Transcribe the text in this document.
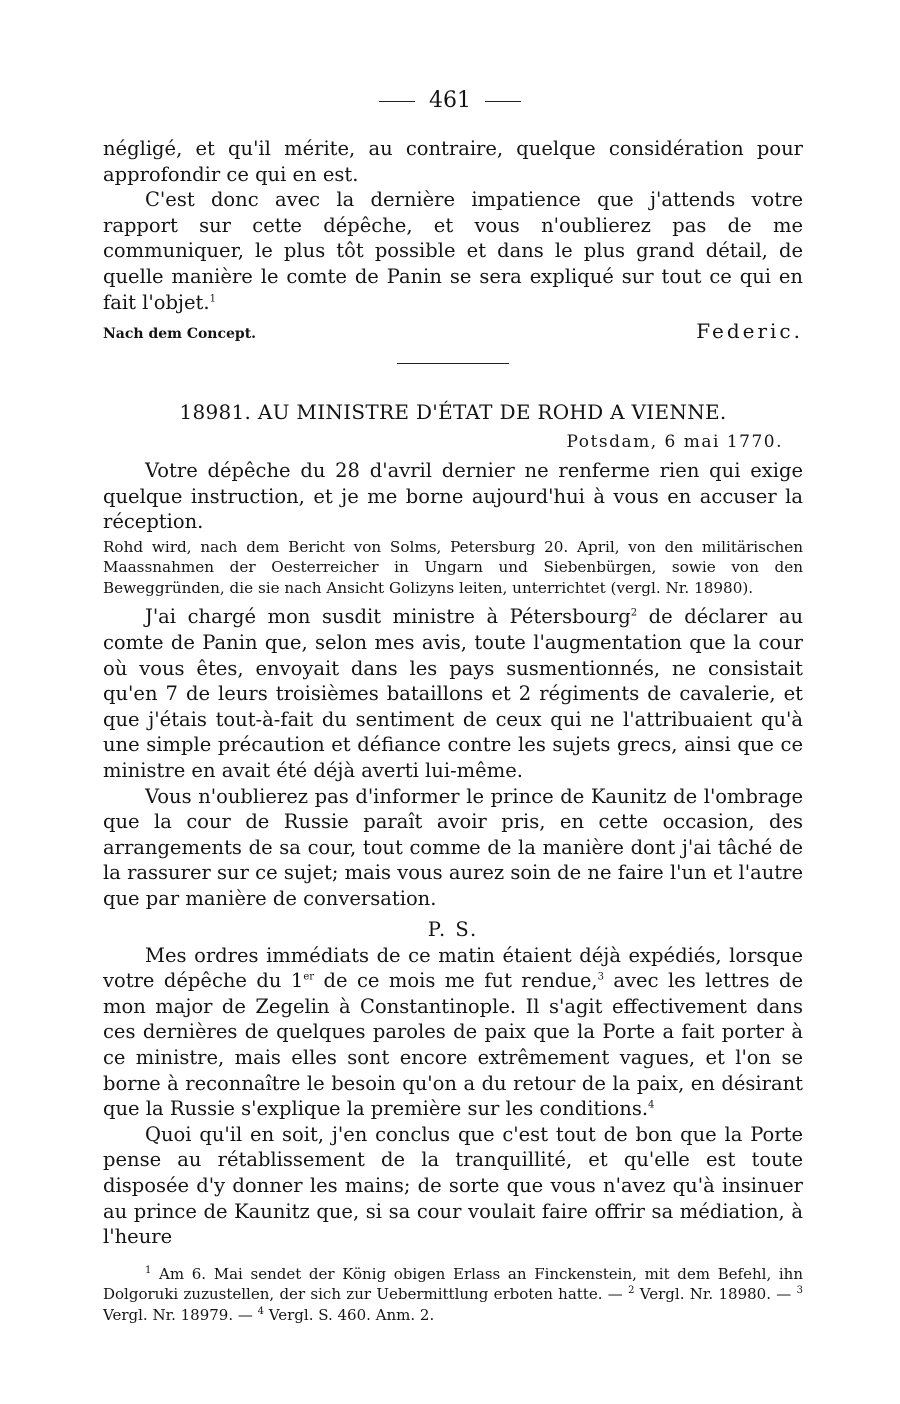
461

négligé, et qu'il mérite, au contraire, quelque considération pour approfondir ce qui en est.

C'est donc avec la dernière impatience que j'attends votre rapport sur cette dépêche, et vous n'oublierez pas de me communiquer, le plus tôt possible et dans le plus grand détail, de quelle manière le comte de Panin se sera expliqué sur tout ce qui en fait l'objet.$^1$

Nach dem Concept.	Federic.
18981. AU MINISTRE D'ÉTAT DE ROHD A VIENNE.
Potsdam, 6 mai 1770.

Votre dépêche du 28 d'avril dernier ne renferme rien qui exige quelque instruction, et je me borne aujourd'hui à vous en accuser la réception.

Rohd wird, nach dem Bericht von Solms, Petersburg 20. April, von den militärischen Maassnahmen der Oesterreicher in Ungarn und Siebenbürgen, sowie von den Beweggründen, die sie nach Ansicht Golizyns leiten, unterrichtet (vergl. Nr. 18980).

J'ai chargé mon susdit ministre à Pétersbourg$^2$ de déclarer au comte de Panin que, selon mes avis, toute l'augmentation que la cour où vous êtes, envoyait dans les pays susmentionnés, ne consistait qu'en 7 de leurs troisièmes bataillons et 2 régiments de cavalerie, et que j'étais tout-à-fait du sentiment de ceux qui ne l'attribuaient qu'à une simple précaution et défiance contre les sujets grecs, ainsi que ce ministre en avait été déjà averti lui-même.

Vous n'oublierez pas d'informer le prince de Kaunitz de l'ombrage que la cour de Russie paraît avoir pris, en cette occasion, des arrangements de sa cour, tout comme de la manière dont j'ai tâché de la rassurer sur ce sujet; mais vous aurez soin de ne faire l'un et l'autre que par manière de conversation.

P. S.

Mes ordres immédiats de ce matin étaient déjà expédiés, lorsque votre dépêche du 1er de ce mois me fut rendue,$^3$ avec les lettres de mon major de Zegelin à Constantinople. Il s'agit effectivement dans ces dernières de quelques paroles de paix que la Porte a fait porter à ce ministre, mais elles sont encore extrêmement vagues, et l'on se borne à reconnaître le besoin qu'on a du retour de la paix, en désirant que la Russie s'explique la première sur les conditions.$^4$

Quoi qu'il en soit, j'en conclus que c'est tout de bon que la Porte pense au rétablissement de la tranquillité, et qu'elle est toute disposée d'y donner les mains; de sorte que vous n'avez qu'à insinuer au prince de Kaunitz que, si sa cour voulait faire offrir sa médiation, à l'heure

$^1$ Am 6. Mai sendet der König obigen Erlass an Finckenstein, mit dem Befehl, ihn Dolgoruki zuzustellen, der sich zur Uebermittlung erboten hatte. — $^2$ Vergl. Nr. 18980. — $^3$ Vergl. Nr. 18979. — $^4$ Vergl. S. 460. Anm. 2.
